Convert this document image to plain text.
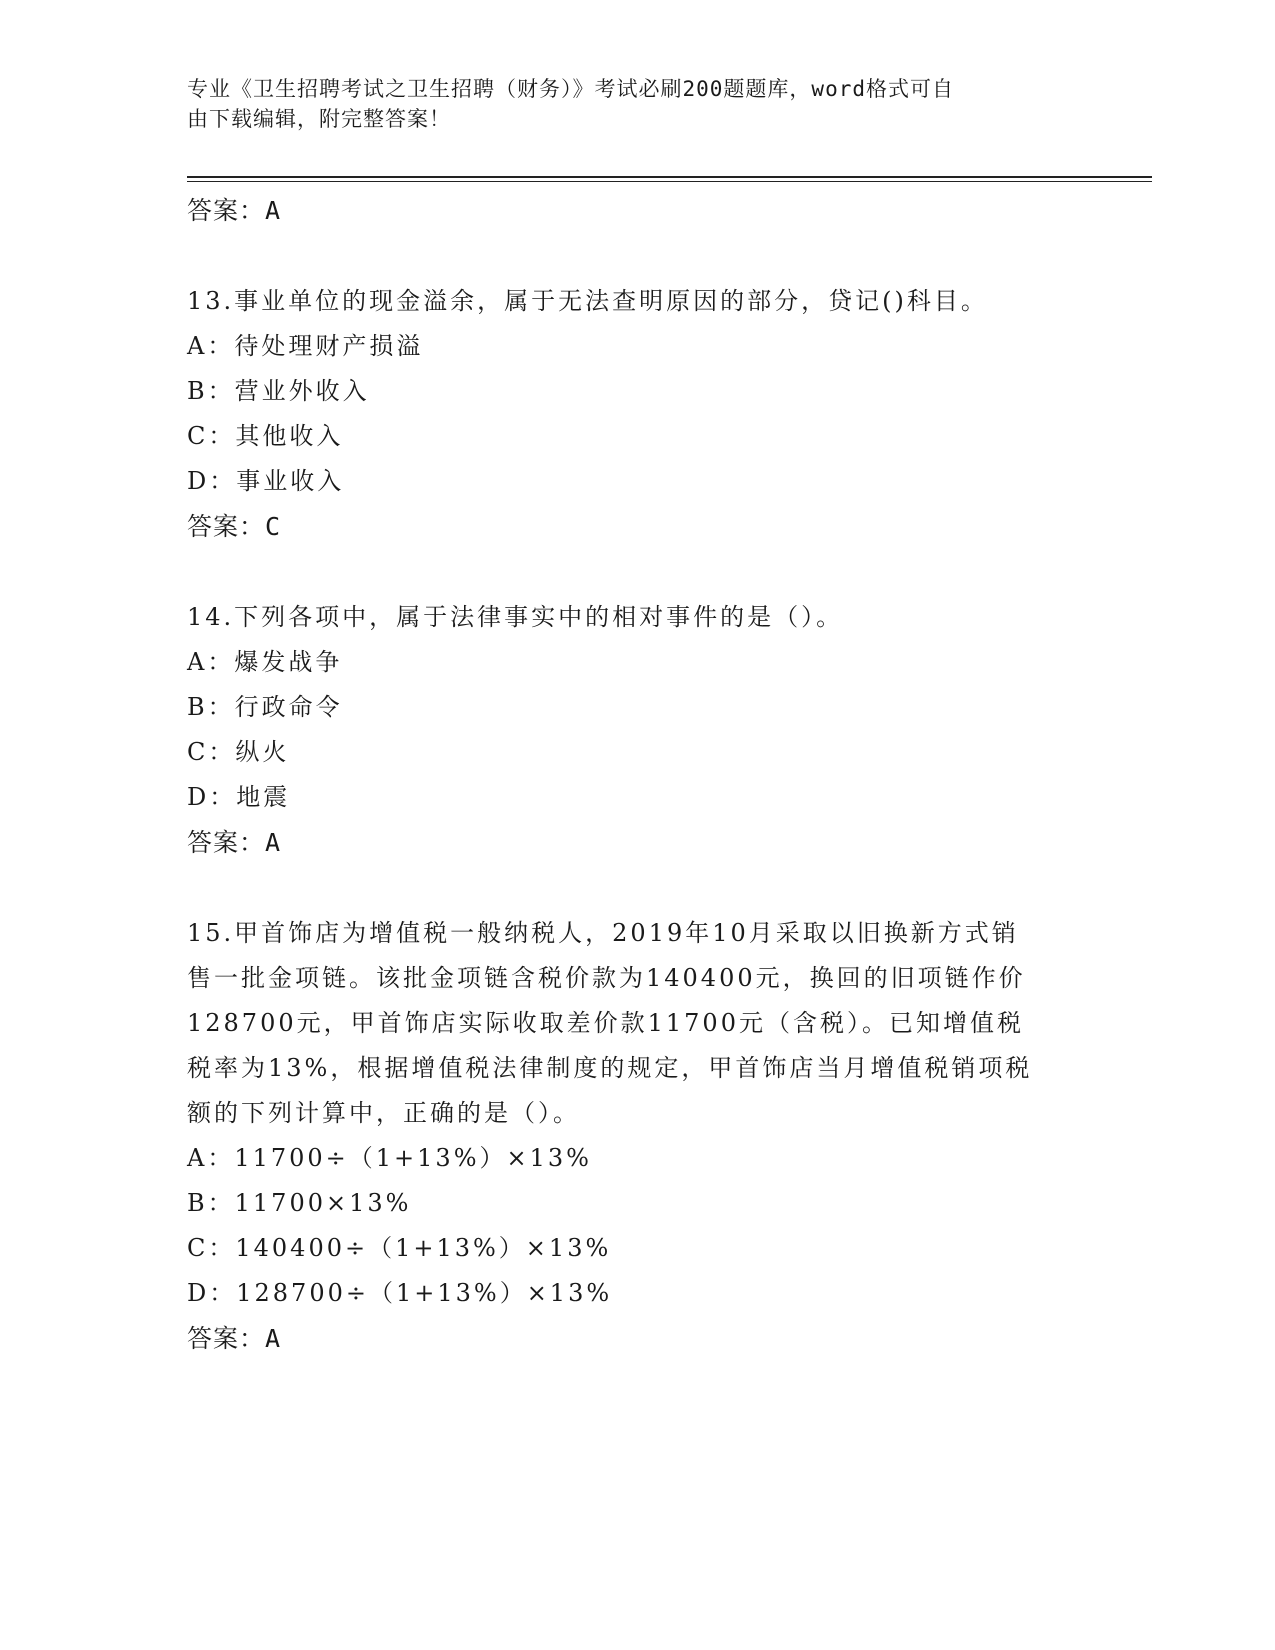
专业《卫生招聘考试之卫生招聘（财务）》考试必刷200题题库，word格式可自
由下载编辑，附完整答案！
答案：A
13.事业单位的现金溢余，属于无法查明原因的部分，贷记()科目。
A：待处理财产损溢
B：营业外收入
C：其他收入
D：事业收入
答案：C
14.下列各项中，属于法律事实中的相对事件的是（）。
A：爆发战争
B：行政命令
C：纵火
D：地震
答案：A
15.甲首饰店为增值税一般纳税人，2019年10月采取以旧换新方式销
售一批金项链。该批金项链含税价款为140400元，换回的旧项链作价
128700元，甲首饰店实际收取差价款11700元（含税）。已知增值税
税率为13%，根据增值税法律制度的规定，甲首饰店当月增值税销项税
额的下列计算中，正确的是（）。
A：11700÷（1+13%）×13%
B：11700×13%
C：140400÷（1+13%）×13%
D：128700÷（1+13%）×13%
答案：A
